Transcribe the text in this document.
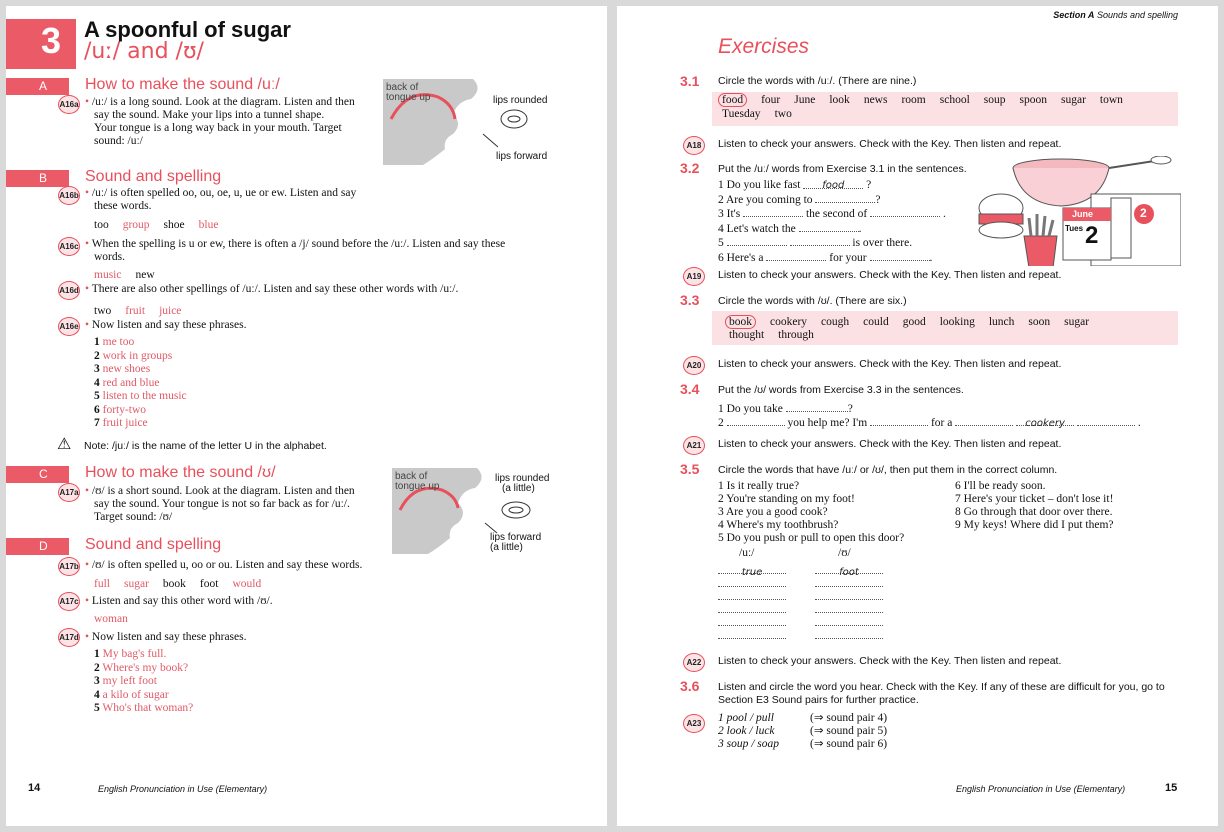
3 A spoonful of sugar
/uː/ and /ʊ/
A How to make the sound /uː/
A16a • /uː/ is a long sound. Look at the diagram. Listen and then
say the sound. Make your lips into a tunnel shape.
Your tongue is a long way back in your mouth. Target
sound: /uː/
back of
tongue up	lips rounded
lips forward
B Sound and spelling
A16b • /uː/ is often spelled oo, ou, oe, u, ue or ew. Listen and say
these words.
too group shoe blue
A16c • When the spelling is u or ew, there is often a /j/ sound before the /uː/. Listen and say these
words.
music new
A16d • There are also other spellings of /uː/. Listen and say these other words with /uː/.
two fruit juice
A16e • Now listen and say these phrases.
1 me too
2 work in groups
3 new shoes
4 red and blue
5 listen to the music
6 forty-two
7 fruit juice
⚠ Note: /juː/ is the name of the letter U in the alphabet.
C How to make the sound /ʊ/
A17a • /ʊ/ is a short sound. Look at the diagram. Listen and then
say the sound. Your tongue is not so far back as for /uː/.
Target sound: /ʊ/
back of
tongue up
lips rounded
(a little)
lips forward
(a little)
D Sound and spelling
A17b • /ʊ/ is often spelled u, oo or ou. Listen and say these words.
full sugar book foot would
A17c • Listen and say this other word with /ʊ/.
woman
A17d • Now listen and say these phrases.
1 My bag's full.
2 Where's my book?
3 my left foot
4 a kilo of sugar
5 Who's that woman?
14	English Pronunciation in Use (Elementary)
Section A Sounds and spelling
Exercises
3.1 Circle the words with /uː/. (There are nine.)
food four June look news room school soup spoon sugar town
Tuesday two
A18	Listen to check your answers. Check with the Key. Then listen and repeat.
3.2 Put the /uː/ words from Exercise 3.1 in the sentences.
1 Do you like fast food ?
2 Are you coming to	?
3 It's	the second of	.
4 Let's watch the	.
5	is over there.
6 Here's a	for your	.
June
Tues 2
2
A19	Listen to check your answers. Check with the Key. Then listen and repeat.
3.3 Circle the words with /ʊ/. (There are six.)
book cookery cough could good looking lunch soon sugar
thought through
A20	Listen to check your answers. Check with the Key. Then listen and repeat.
3.4 Put the /ʊ/ words from Exercise 3.3 in the sentences.
1 Do you take	?
2	you help me? I'm	for a	cookery	.
A21	Listen to check your answers. Check with the Key. Then listen and repeat.
3.5 Circle the words that have /uː/ or /ʊ/, then put them in the correct column.
1 Is it really true?
2 You're standing on my foot!
3 Are you a good cook?
4 Where's my toothbrush?
5 Do you push or pull to open this door?
6 I'll be ready soon.
7 Here's your ticket – don't lose it!
8 Go through that door over there.
9 My keys! Where did I put them?
/uː/	/ʊ/
true	foot
A22	Listen to check your answers. Check with the Key. Then listen and repeat.
3.6 Listen and circle the word you hear. Check with the Key. If any of these are difficult for you, go to
Section E3 Sound pairs for further practice.
A23	1 pool / pull	(⇒ sound pair 4)
2 look / luck	(⇒ sound pair 5)
3 soup / soap	(⇒ sound pair 6)
English Pronunciation in Use (Elementary)	15
